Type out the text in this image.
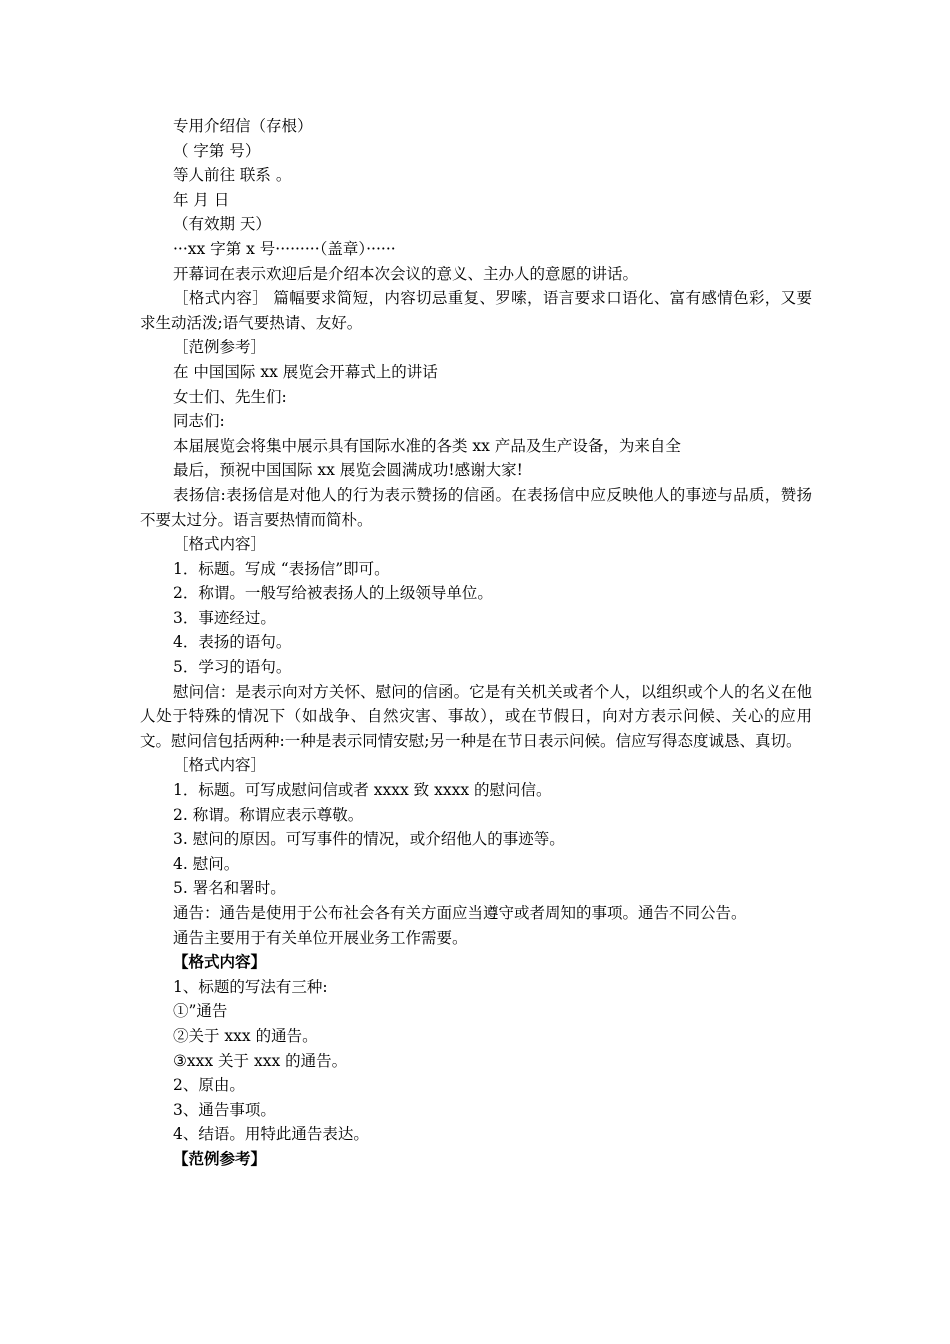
专用介绍信（存根）
（ 字第 号）
等人前往 联系 。
年 月 日
（有效期 天）
···xx 字第 x 号·········（盖章）······
开幕词在表示欢迎后是介绍本次会议的意义、主办人的意愿的讲话。
［格式内容］ 篇幅要求简短，内容切忌重复、罗嗦，语言要求口语化、富有感情色彩，又要求生动活泼;语气要热请、友好。
［范例参考］
在 中国国际 xx 展览会开幕式上的讲话
女士们、先生们:
同志们:
本届展览会将集中展示具有国际水准的各类 xx 产品及生产设备，为来自全
最后，预祝中国国际 xx 展览会圆满成功!感谢大家!
表扬信:表扬信是对他人的行为表示赞扬的信函。在表扬信中应反映他人的事迹与品质，赞扬不要太过分。语言要热情而简朴。
［格式内容］
1．标题。写成 “表扬信”即可。
2．称谓。一般写给被表扬人的上级领导单位。
3．事迹经过。
4．表扬的语句。
5．学习的语句。
慰问信：是表示向对方关怀、慰问的信函。它是有关机关或者个人，以组织或个人的名义在他人处于特殊的情况下（如战争、自然灾害、事故），或在节假日，向对方表示问候、关心的应用文。慰问信包括两种:一种是表示同情安慰;另一种是在节日表示问候。信应写得态度诚恳、真切。
［格式内容］
1．标题。可写成慰问信或者 xxxx 致 xxxx 的慰问信。
2. 称谓。称谓应表示尊敬。
3. 慰问的原因。可写事件的情况，或介绍他人的事迹等。
4. 慰问。
5. 署名和署时。
通告：通告是使用于公布社会各有关方面应当遵守或者周知的事项。通告不同公告。
通告主要用于有关单位开展业务工作需要。
【格式内容】
1、标题的写法有三种:
①”通告
②关于 xxx 的通告。
③xxx 关于 xxx 的通告。
2、原由。
3、通告事项。
4、结语。用特此通告表达。
【范例参考】
